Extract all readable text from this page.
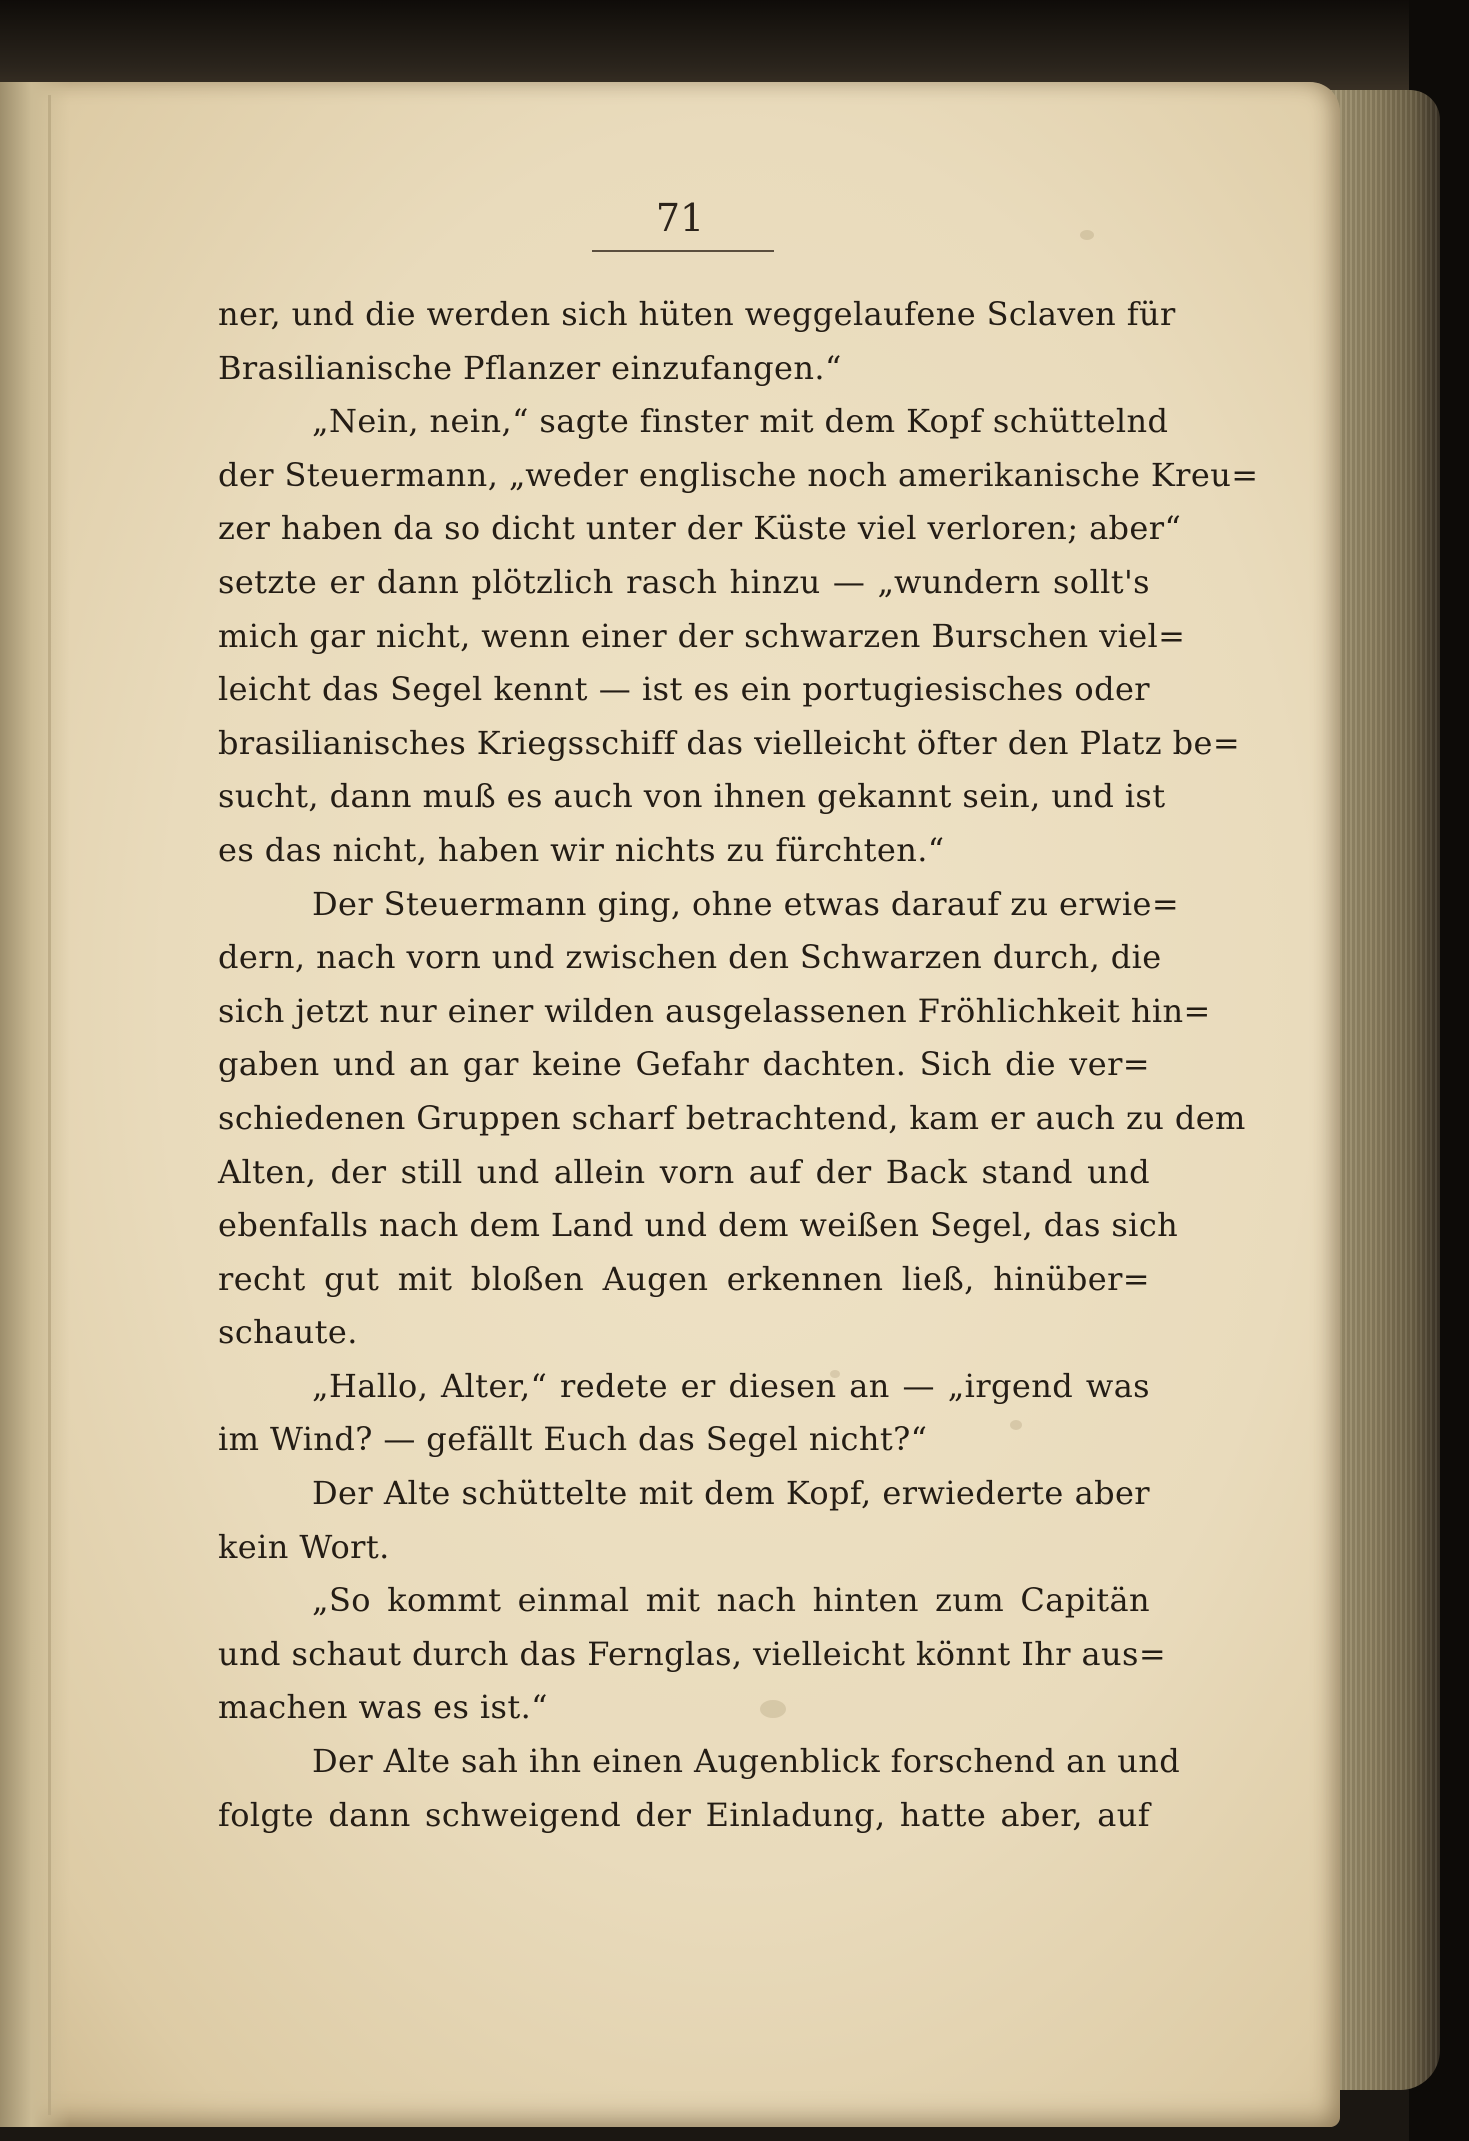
71
ner, und die werden sich hüten weggelaufene Sclaven für
Brasilianische Pflanzer einzufangen.“
„Nein, nein,“ sagte finster mit dem Kopf schüttelnd
der Steuermann, „weder englische noch amerikanische Kreu=
zer haben da so dicht unter der Küste viel verloren; aber“
setzte er dann plötzlich rasch hinzu — „wundern sollt's
mich gar nicht, wenn einer der schwarzen Burschen viel=
leicht das Segel kennt — ist es ein portugiesisches oder
brasilianisches Kriegsschiff das vielleicht öfter den Platz be=
sucht, dann muß es auch von ihnen gekannt sein, und ist
es das nicht, haben wir nichts zu fürchten.“
Der Steuermann ging, ohne etwas darauf zu erwie=
dern, nach vorn und zwischen den Schwarzen durch, die
sich jetzt nur einer wilden ausgelassenen Fröhlichkeit hin=
gaben und an gar keine Gefahr dachten. Sich die ver=
schiedenen Gruppen scharf betrachtend, kam er auch zu dem
Alten, der still und allein vorn auf der Back stand und
ebenfalls nach dem Land und dem weißen Segel, das sich
recht gut mit bloßen Augen erkennen ließ, hinüber=
schaute.
„Hallo, Alter,“ redete er diesen an — „irgend was
im Wind? — gefällt Euch das Segel nicht?“
Der Alte schüttelte mit dem Kopf, erwiederte aber
kein Wort.
„So kommt einmal mit nach hinten zum Capitän
und schaut durch das Fernglas, vielleicht könnt Ihr aus=
machen was es ist.“
Der Alte sah ihn einen Augenblick forschend an und
folgte dann schweigend der Einladung, hatte aber, auf
